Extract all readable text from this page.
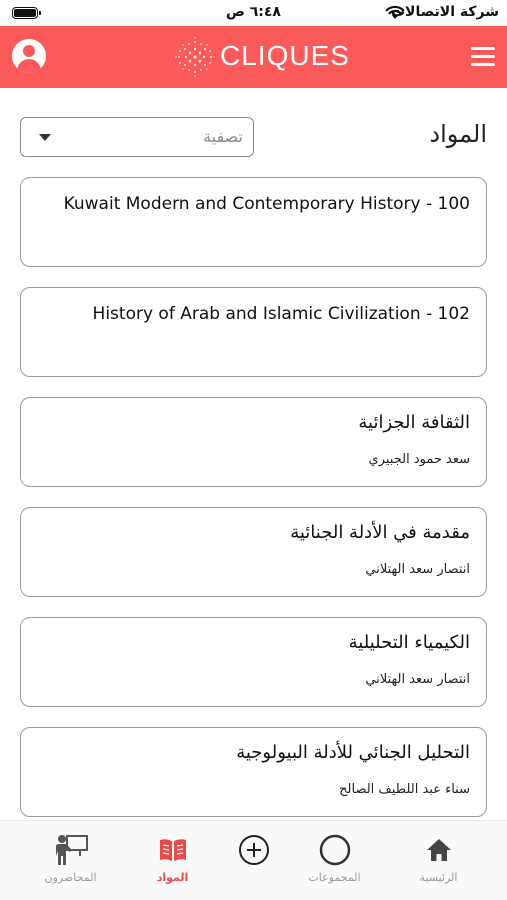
٦:٤٨ ص	شركة الاتصالات
CLIQUES
المواد
تصفية
Kuwait Modern and Contemporary History - 100
History of Arab and Islamic Civilization - 102
الثقافة الجزائية
سعد حمود الجبيري
مقدمة في الأدلة الجنائية
انتصار سعد الهتلاني
الكيمياء التحليلية
انتصار سعد الهتلاني
التحليل الجنائي للأدلة البيولوجية
سناء عبد اللطيف الصالح
المحاضرون	المواد	المجموعات	الرئيسية
